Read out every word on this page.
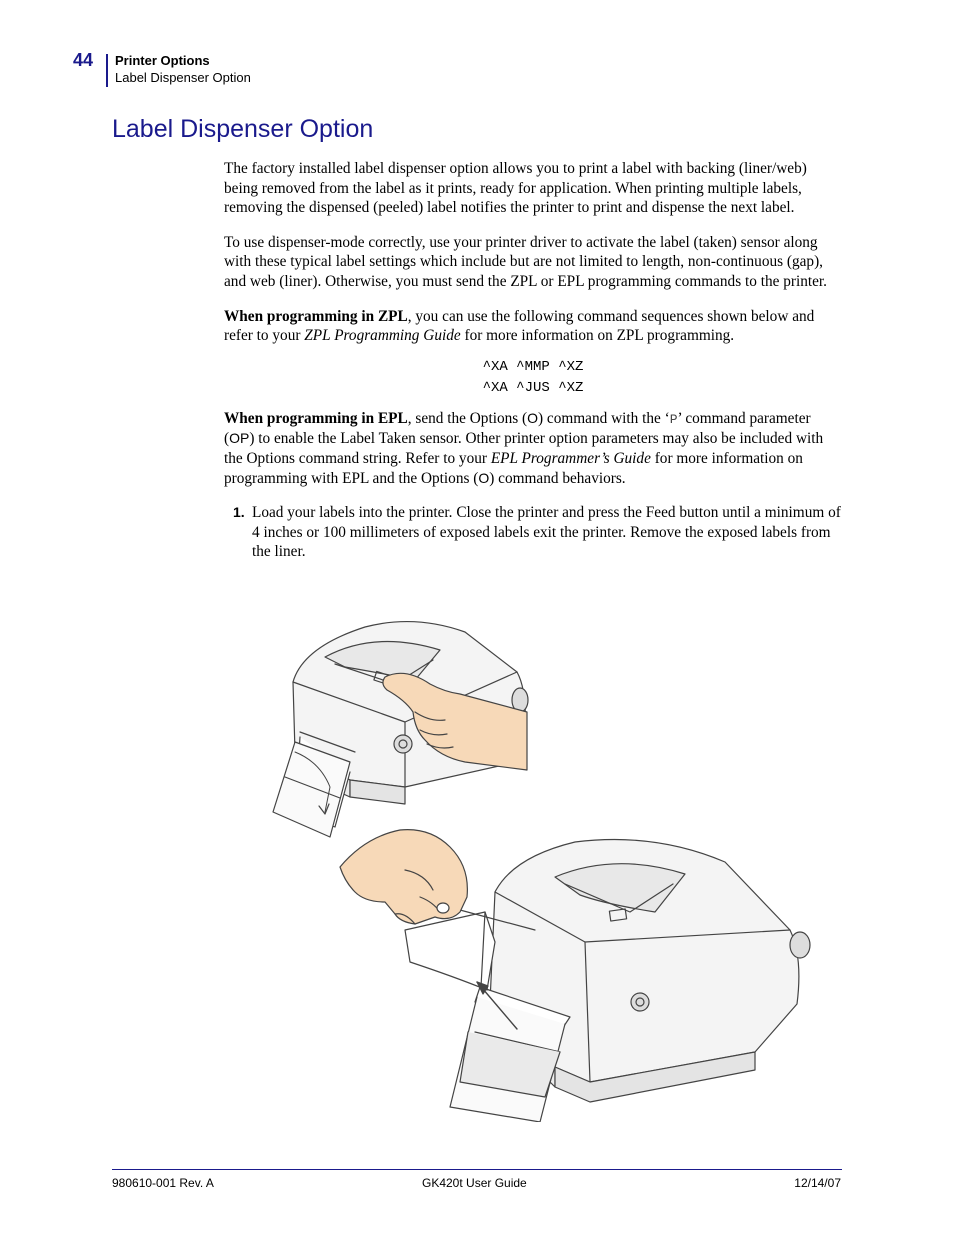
44 Printer Options
Label Dispenser Option
Label Dispenser Option

The factory installed label dispenser option allows you to print a label with backing (liner/web) being removed from the label as it prints, ready for application. When printing multiple labels, removing the dispensed (peeled) label notifies the printer to print and dispense the next label.

To use dispenser-mode correctly, use your printer driver to activate the label (taken) sensor along with these typical label settings which include but are not limited to length, non-continuous (gap), and web (liner). Otherwise, you must send the ZPL or EPL programming commands to the printer.

When programming in ZPL, you can use the following command sequences shown below and refer to your ZPL Programming Guide for more information on ZPL programming.

^XA ^MMP ^XZ
^XA ^JUS ^XZ

When programming in EPL, send the Options (O) command with the ‘P’ command parameter (OP) to enable the Label Taken sensor. Other printer option parameters may also be included with the Options command string. Refer to your EPL Programmer’s Guide for more information on programming with EPL and the Options (O) command behaviors.

1. Load your labels into the printer. Close the printer and press the Feed button until a minimum of 4 inches or 100 millimeters of exposed labels exit the printer. Remove the exposed labels from the liner.

980610-001 Rev. A	GK420t User Guide	12/14/07
